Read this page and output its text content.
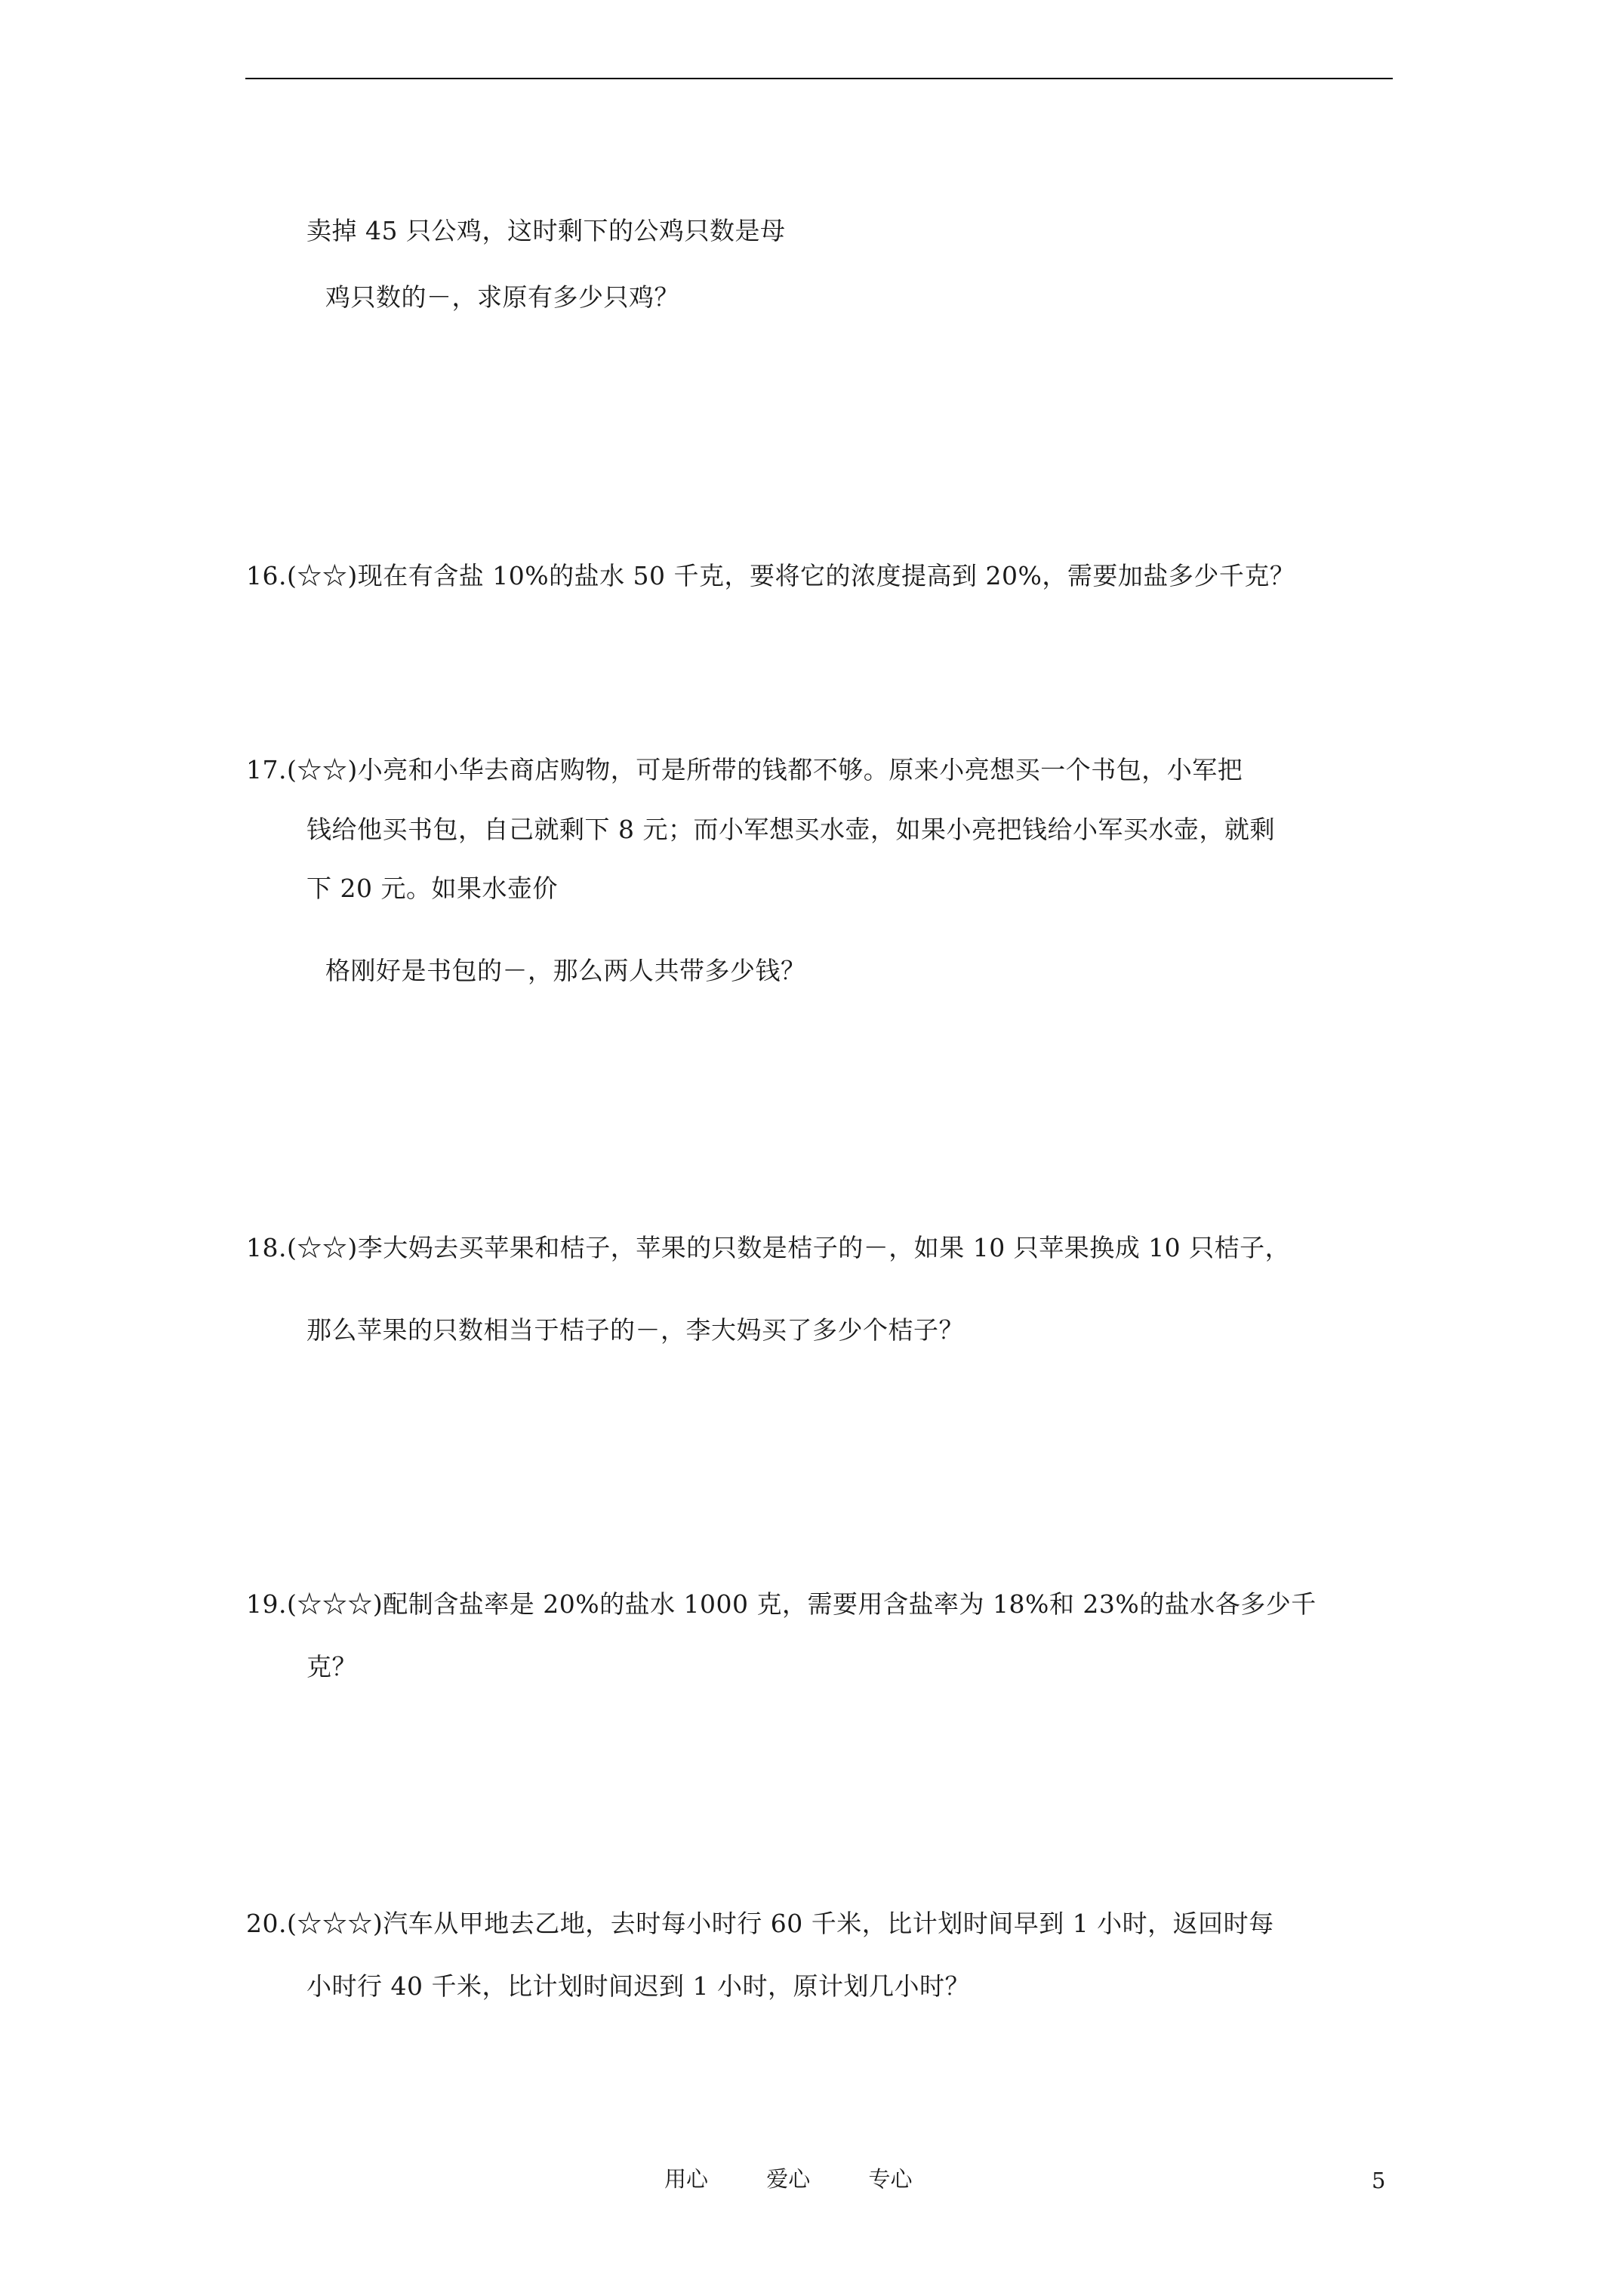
卖掉 45 只公鸡，这时剩下的公鸡只数是母
鸡只数的－，求原有多少只鸡？
16.(☆☆)现在有含盐 10%的盐水 50 千克，要将它的浓度提高到 20%，需要加盐多少千克？
17.(☆☆)小亮和小华去商店购物，可是所带的钱都不够。原来小亮想买一个书包，小军把
钱给他买书包，自己就剩下 8 元；而小军想买水壶，如果小亮把钱给小军买水壶，就剩
下 20 元。如果水壶价
格刚好是书包的－，那么两人共带多少钱？
18.(☆☆)李大妈去买苹果和桔子，苹果的只数是桔子的－，如果 10 只苹果换成 10 只桔子，
那么苹果的只数相当于桔子的－，李大妈买了多少个桔子？
19.(☆☆☆)配制含盐率是 20%的盐水 1000 克，需要用含盐率为 18%和 23%的盐水各多少千
克？
20.(☆☆☆)汽车从甲地去乙地，去时每小时行 60 千米，比计划时间早到 1 小时，返回时每
小时行 40 千米，比计划时间迟到 1 小时，原计划几小时？
用心	爱心	专心	5
